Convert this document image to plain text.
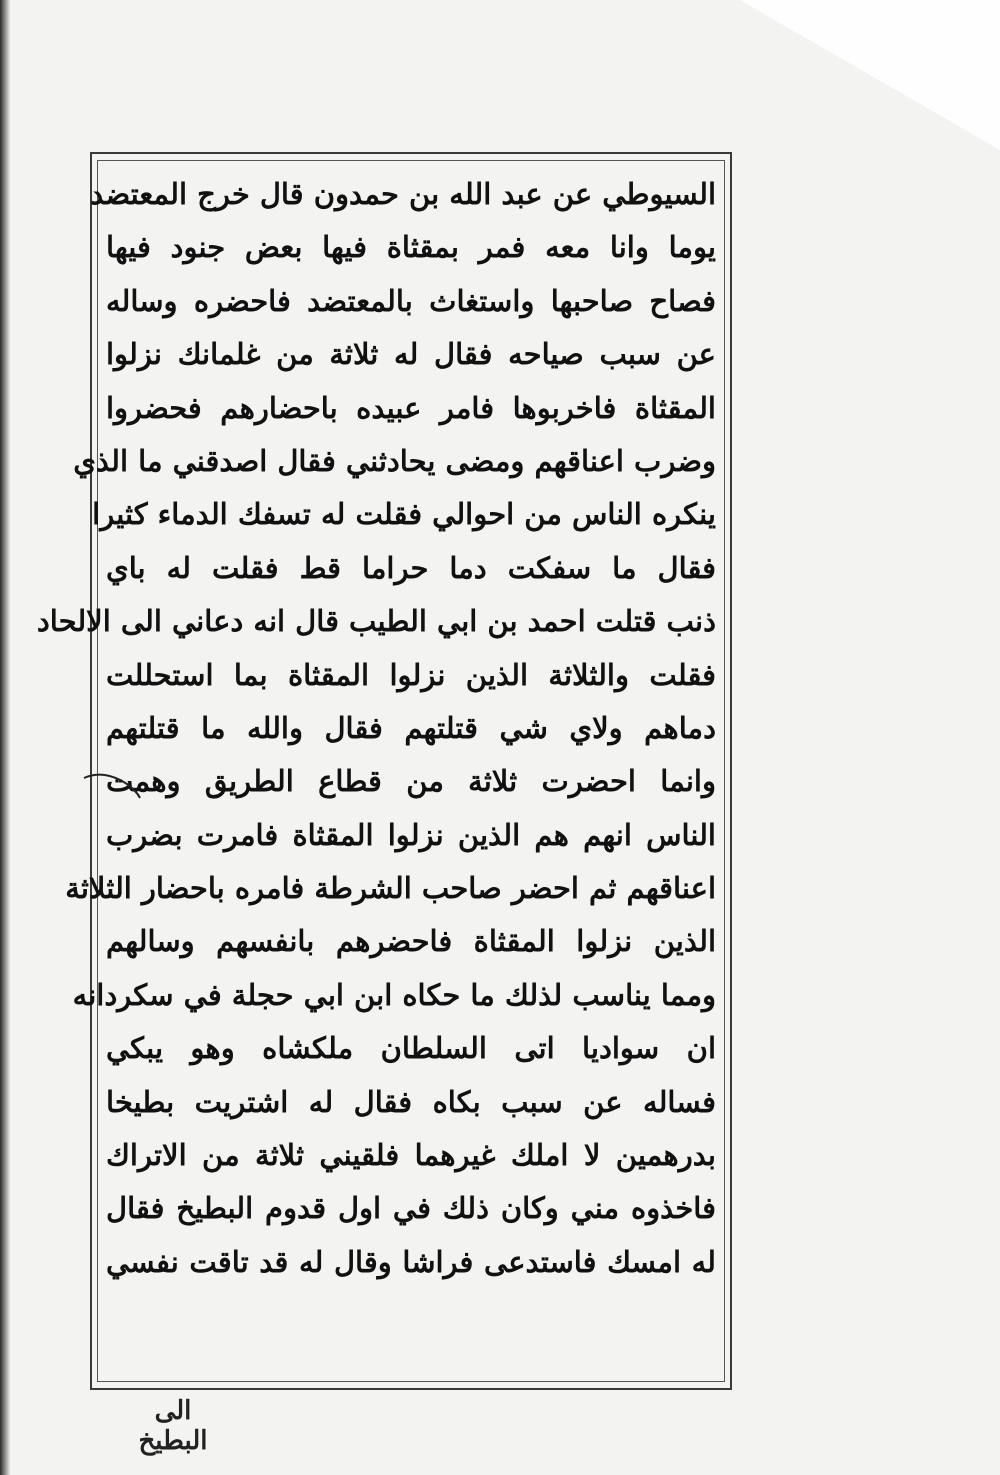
السيوطي عن عبد الله بن حمدون قال خرج المعتضد
يوما وانا معه فمر بمقثاة فيها بعض جنود فيها
فصاح صاحبها واستغاث بالمعتضد فاحضره وساله
عن سبب صياحه فقال له ثلاثة من غلمانك نزلوا
المقثاة فاخربوها فامر عبيده باحضارهم فحضروا
وضرب اعناقهم ومضى يحادثني فقال اصدقني ما الذي
ينكره الناس من احوالي فقلت له تسفك الدماء كثيرا
فقال ما سفكت دما حراما قط فقلت له باي
ذنب قتلت احمد بن ابي الطيب قال انه دعاني الى الالحاد
فقلت والثلاثة الذين نزلوا المقثاة بما استحللت
دماهم ولاي شي قتلتهم فقال والله ما قتلتهم
وانما احضرت ثلاثة من قطاع الطريق وهمت
الناس انهم هم الذين نزلوا المقثاة فامرت بضرب
اعناقهم ثم احضر صاحب الشرطة فامره باحضار الثلاثة
الذين نزلوا المقثاة فاحضرهم بانفسهم وسالهم
ومما يناسب لذلك ما حكاه ابن ابي حجلة في سكردانه
ان سواديا اتى السلطان ملكشاه وهو يبكي
فساله عن سبب بكاه فقال له اشتريت بطيخا
بدرهمين لا املك غيرهما فلقيني ثلاثة من الاتراك
فاخذوه مني وكان ذلك في اول قدوم البطيخ فقال
له امسك فاستدعى فراشا وقال له قد تاقت نفسي
الى البطيخ
